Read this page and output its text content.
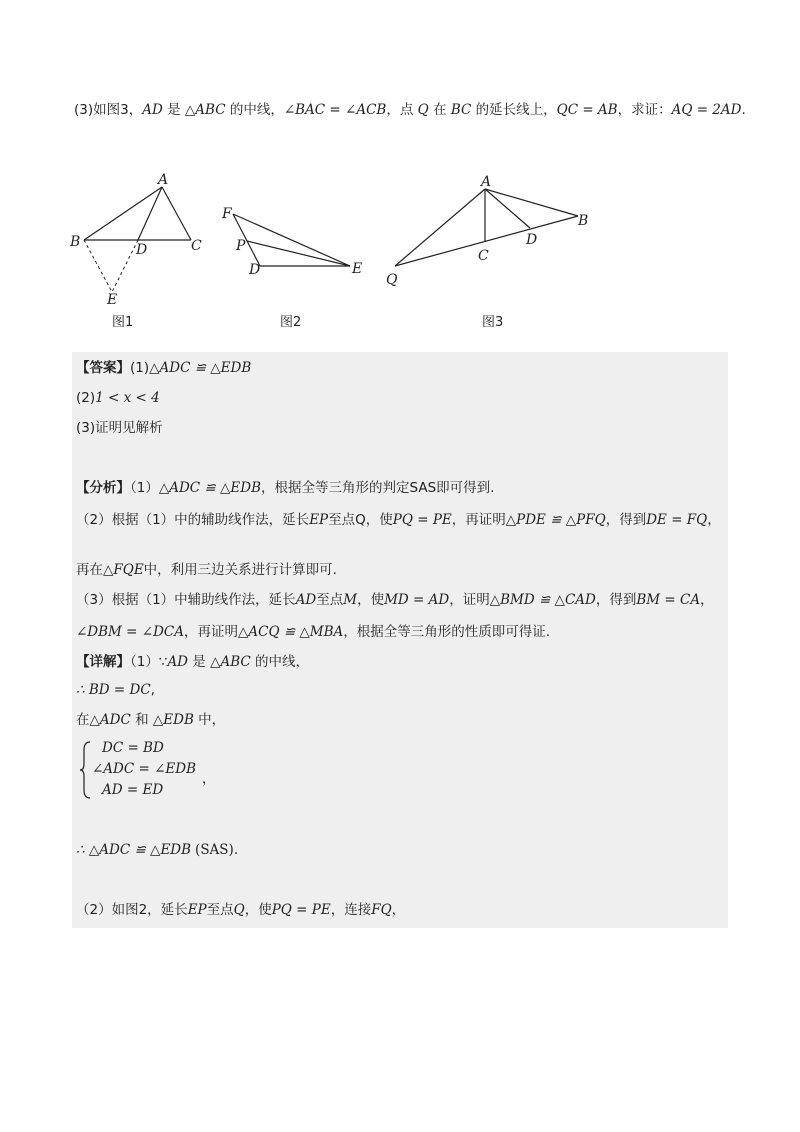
(3)如图3，AD 是 △ABC 的中线，∠BAC = ∠ACB，点 Q 在 BC 的延长线上，QC = AB，求证：AQ = 2AD.
A
B	C
D
E
图1
F
P
D	E
图2
A
B
C
D
Q
图3
【答案】(1)△ADC ≌ △EDB
(2)1 < x < 4
(3)证明见解析
【分析】（1）△ADC ≌ △EDB，根据全等三角形的判定SAS即可得到.
（2）根据（1）中的辅助线作法，延长EP至点Q，使PQ = PE，再证明△PDE ≌ △PFQ，得到DE = FQ，
再在△FQE中，利用三边关系进行计算即可.
（3）根据（1）中辅助线作法，延长AD至点M，使MD = AD，证明△BMD ≌ △CAD，得到BM = CA，
∠DBM = ∠DCA，再证明△ACQ ≌ △MBA，根据全等三角形的性质即可得证.
【详解】（1）∵AD 是 △ABC 的中线，
∴ BD = DC,
在△ADC 和 △EDB 中，
DC = BD
∠ADC = ∠EDB，
AD = ED
∴ △ADC ≌ △EDB (SAS).
（2）如图2，延长EP至点Q，使PQ = PE，连接FQ，
